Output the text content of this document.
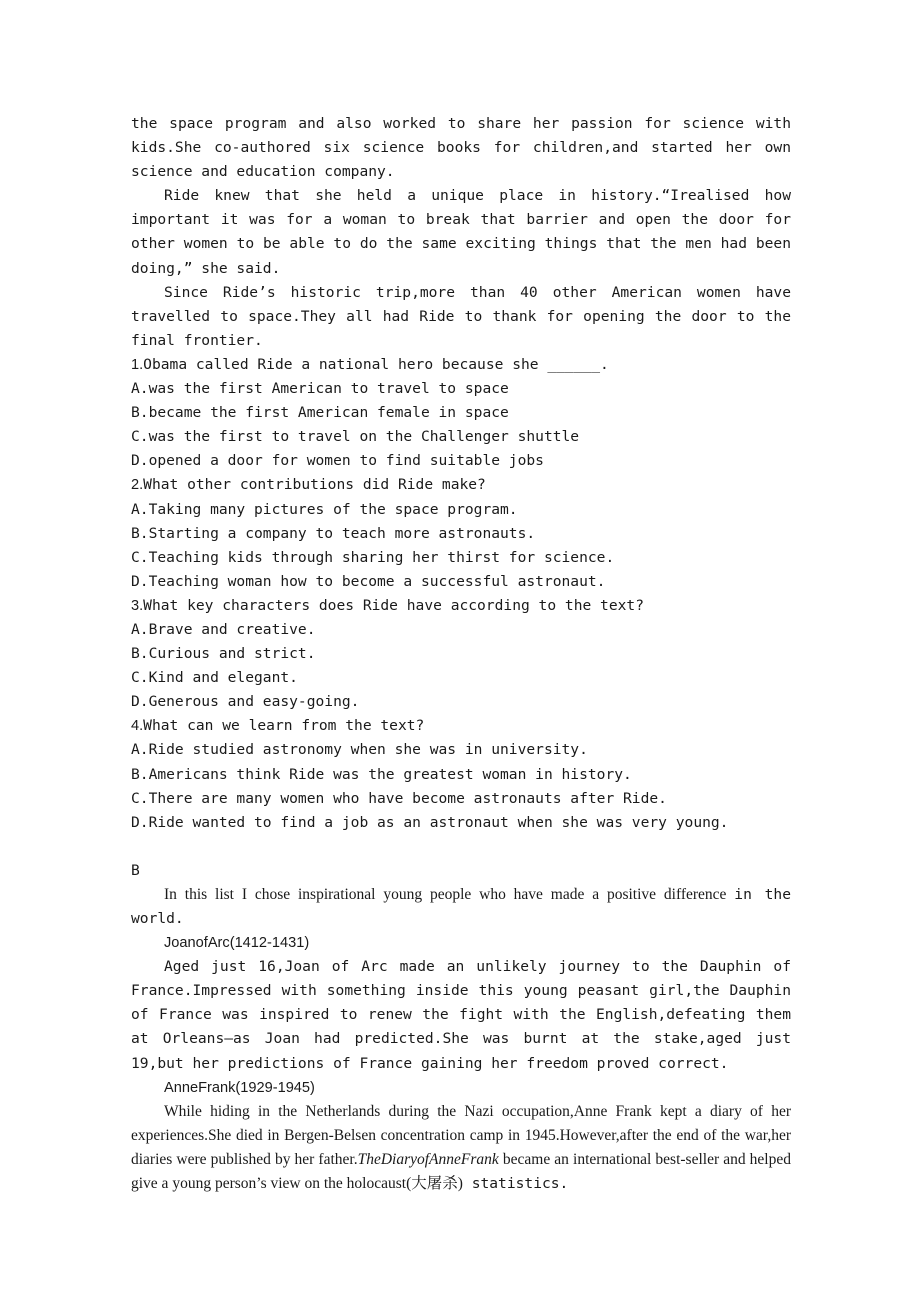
the space program and also worked to share her passion for science with kids.She co-authored six science books for children,and started her own science and education company.

Ride knew that she held a unique place in history.“Irealised how important it was for a woman to break that barrier and open the door for other women to be able to do the same exciting things that the men had been doing,” she said.

Since Ride’s historic trip,more than 40 other American women have travelled to space.They all had Ride to thank for opening the door to the final frontier.

1.Obama called Ride a national hero because she ______.

A.was the first American to travel to space

B.became the first American female in space

C.was the first to travel on the Challenger shuttle

D.opened a door for women to find suitable jobs

2.What other contributions did Ride make?

A.Taking many pictures of the space program.

B.Starting a company to teach more astronauts.

C.Teaching kids through sharing her thirst for science.

D.Teaching woman how to become a successful astronaut.

3.What key characters does Ride have according to the text?

A.Brave and creative.

B.Curious and strict.

C.Kind and elegant.

D.Generous and easy-going.

4.What can we learn from the text?

A.Ride studied astronomy when she was in university.

B.Americans think Ride was the greatest woman in history.

C.There are many women who have become astronauts after Ride.

D.Ride wanted to find a job as an astronaut when she was very young.

B

In this list I chose inspirational young people who have made a positive difference in the world.

JoanofArc(1412-1431)

Aged just 16,Joan of Arc made an unlikely journey to the Dauphin of France.Impressed with something inside this young peasant girl,the Dauphin of France was inspired to renew the fight with the English,defeating them at Orleans—as Joan had predicted.She was burnt at the stake,aged just 19,but her predictions of France gaining her freedom proved correct.

AnneFrank(1929-1945)

While hiding in the Netherlands during the Nazi occupation,Anne Frank kept a diary of her experiences.She died in Bergen-Belsen concentration camp in 1945.However,after the end of the war,her diaries were published by her father.TheDiaryofAnneFrank became an international best-seller and helped give a young person’s view on the holocaust(大屠杀) statistics.
